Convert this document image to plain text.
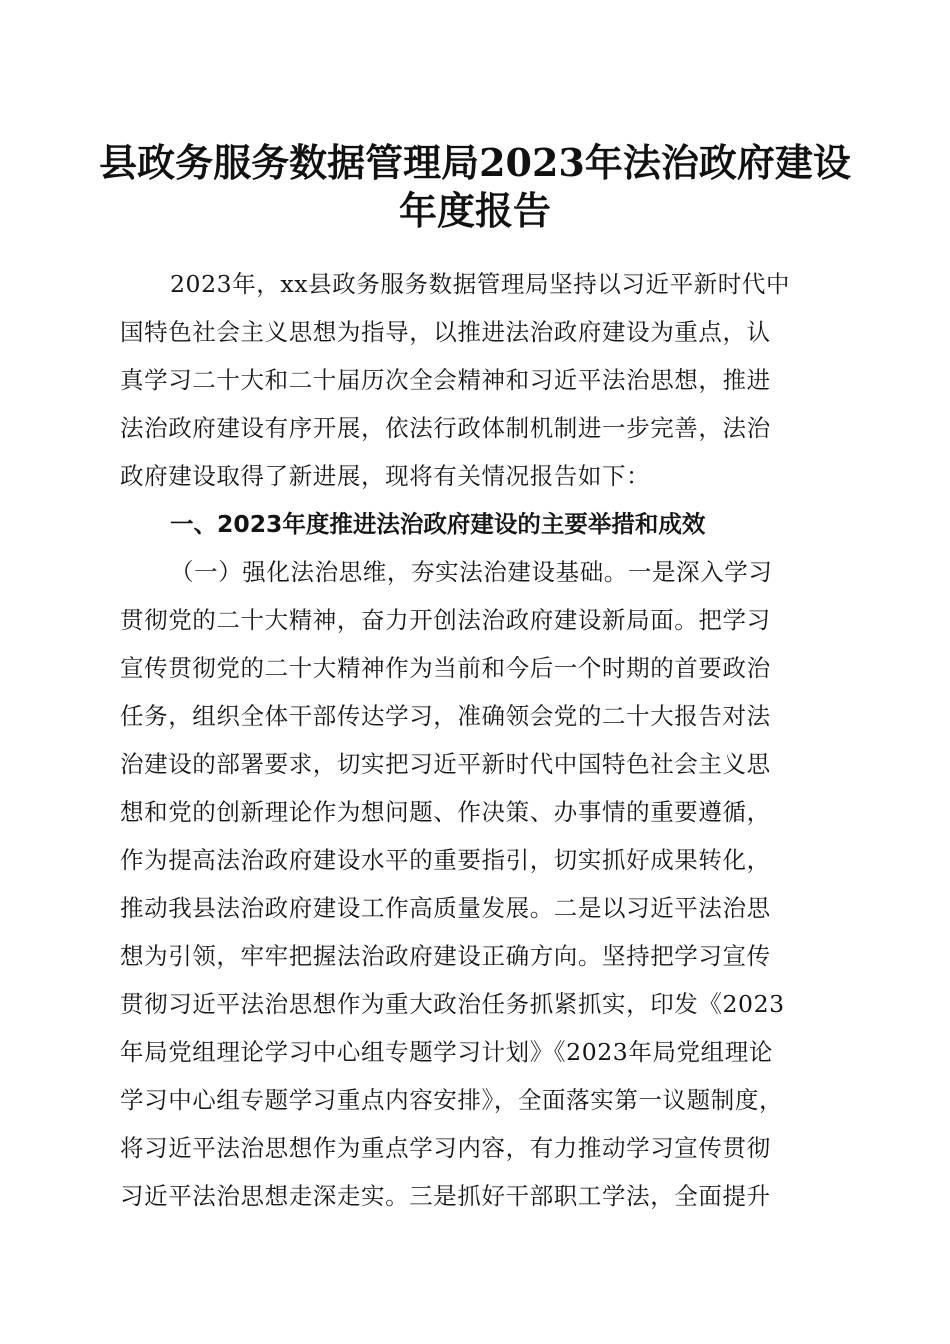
县政务服务数据管理局2023年法治政府建设
年度报告
2023年，xx县政务服务数据管理局坚持以习近平新时代中
国特色社会主义思想为指导，以推进法治政府建设为重点，认
真学习二十大和二十届历次全会精神和习近平法治思想，推进
法治政府建设有序开展，依法行政体制机制进一步完善，法治
政府建设取得了新进展，现将有关情况报告如下：
一、2023年度推进法治政府建设的主要举措和成效
（一）强化法治思维，夯实法治建设基础。一是深入学习
贯彻党的二十大精神，奋力开创法治政府建设新局面。把学习
宣传贯彻党的二十大精神作为当前和今后一个时期的首要政治
任务，组织全体干部传达学习，准确领会党的二十大报告对法
治建设的部署要求，切实把习近平新时代中国特色社会主义思
想和党的创新理论作为想问题、作决策、办事情的重要遵循，
作为提高法治政府建设水平的重要指引，切实抓好成果转化，
推动我县法治政府建设工作高质量发展。二是以习近平法治思
想为引领，牢牢把握法治政府建设正确方向。坚持把学习宣传
贯彻习近平法治思想作为重大政治任务抓紧抓实，印发《2023
年局党组理论学习中心组专题学习计划》《2023年局党组理论
学习中心组专题学习重点内容安排》，全面落实第一议题制度，
将习近平法治思想作为重点学习内容，有力推动学习宣传贯彻
习近平法治思想走深走实。三是抓好干部职工学法，全面提升
